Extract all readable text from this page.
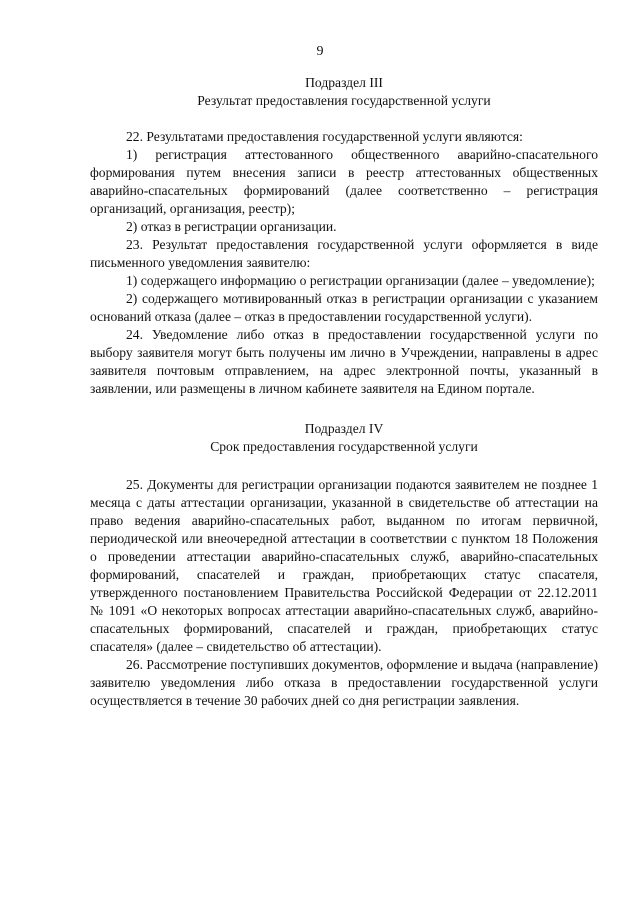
9

Подраздел III

Результат предоставления государственной услуги

22. Результатами предоставления государственной услуги являются:

1) регистрация аттестованного общественного аварийно-спасательного формирования путем внесения записи в реестр аттестованных общественных аварийно-спасательных формирований (далее соответственно – регистрация организаций, организация, реестр);

2) отказ в регистрации организации.

23. Результат предоставления государственной услуги оформляется в виде письменного уведомления заявителю:

1) содержащего информацию о регистрации организации (далее – уведомление);

2) содержащего мотивированный отказ в регистрации организации с указанием оснований отказа (далее – отказ в предоставлении государственной услуги).

24. Уведомление либо отказ в предоставлении государственной услуги по выбору заявителя могут быть получены им лично в Учреждении, направлены в адрес заявителя почтовым отправлением, на адрес электронной почты, указанный в заявлении, или размещены в личном кабинете заявителя на Едином портале.

Подраздел IV

Срок предоставления государственной услуги

25. Документы для регистрации организации подаются заявителем не позднее 1 месяца с даты аттестации организации, указанной в свидетельстве об аттестации на право ведения аварийно-спасательных работ, выданном по итогам первичной, периодической или внеочередной аттестации в соответствии с пунктом 18 Положения о проведении аттестации аварийно-спасательных служб, аварийно-спасательных формирований, спасателей и граждан, приобретающих статус спасателя, утвержденного постановлением Правительства Российской Федерации от 22.12.2011 № 1091 «О некоторых вопросах аттестации аварийно-спасательных служб, аварийно-спасательных формирований, спасателей и граждан, приобретающих статус спасателя» (далее – свидетельство об аттестации).

26. Рассмотрение поступивших документов, оформление и выдача (направление) заявителю уведомления либо отказа в предоставлении государственной услуги осуществляется в течение 30 рабочих дней со дня регистрации заявления.
